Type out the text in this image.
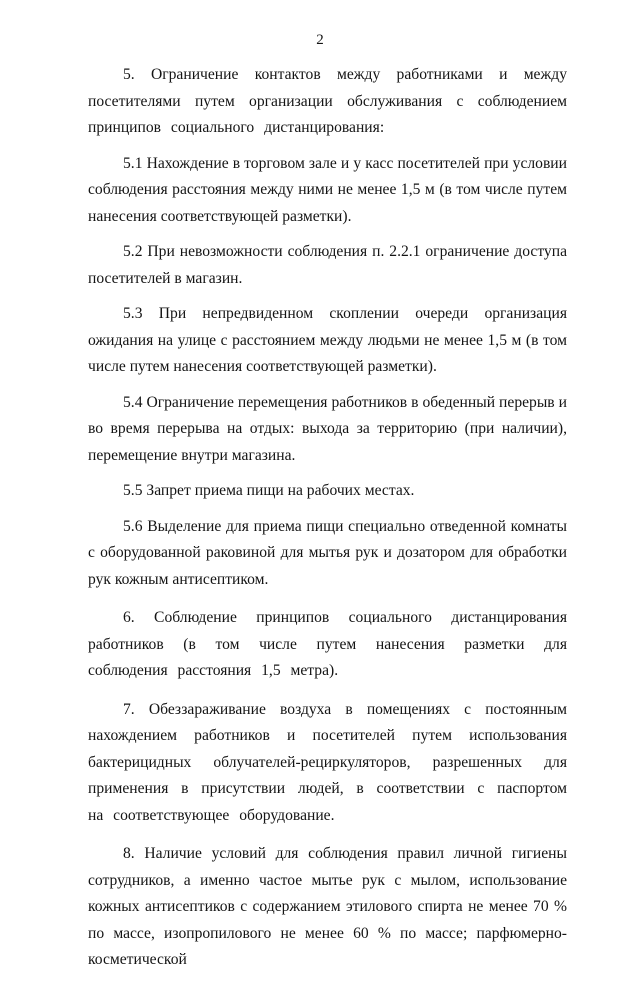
2

5. Ограничение контактов между работниками и между посетителями путем организации обслуживания с соблюдением принципов социального дистанцирования:

5.1 Нахождение в торговом зале и у касс посетителей при условии соблюдения расстояния между ними не менее 1,5 м (в том числе путем нанесения соответствующей разметки).

5.2 При невозможности соблюдения п. 2.2.1 ограничение доступа посетителей в магазин.

5.3 При непредвиденном скоплении очереди организация ожидания на улице с расстоянием между людьми не менее 1,5 м (в том числе путем нанесения соответствующей разметки).

5.4 Ограничение перемещения работников в обеденный перерыв и во время перерыва на отдых: выхода за территорию (при наличии), перемещение внутри магазина.

5.5 Запрет приема пищи на рабочих местах.

5.6 Выделение для приема пищи специально отведенной комнаты с оборудованной раковиной для мытья рук и дозатором для обработки рук кожным антисептиком.

6. Соблюдение принципов социального дистанцирования работников (в том числе путем нанесения разметки для соблюдения расстояния 1,5 метра).

7. Обеззараживание воздуха в помещениях с постоянным нахождением работников и посетителей путем использования бактерицидных облучателей-рециркуляторов, разрешенных для применения в присутствии людей, в соответствии с паспортом на соответствующее оборудование.

8. Наличие условий для соблюдения правил личной гигиены сотрудников, а именно частое мытье рук с мылом, использование кожных антисептиков с содержанием этилового спирта не менее 70 % по массе, изопропилового не менее 60 % по массе; парфюмерно-косметической
